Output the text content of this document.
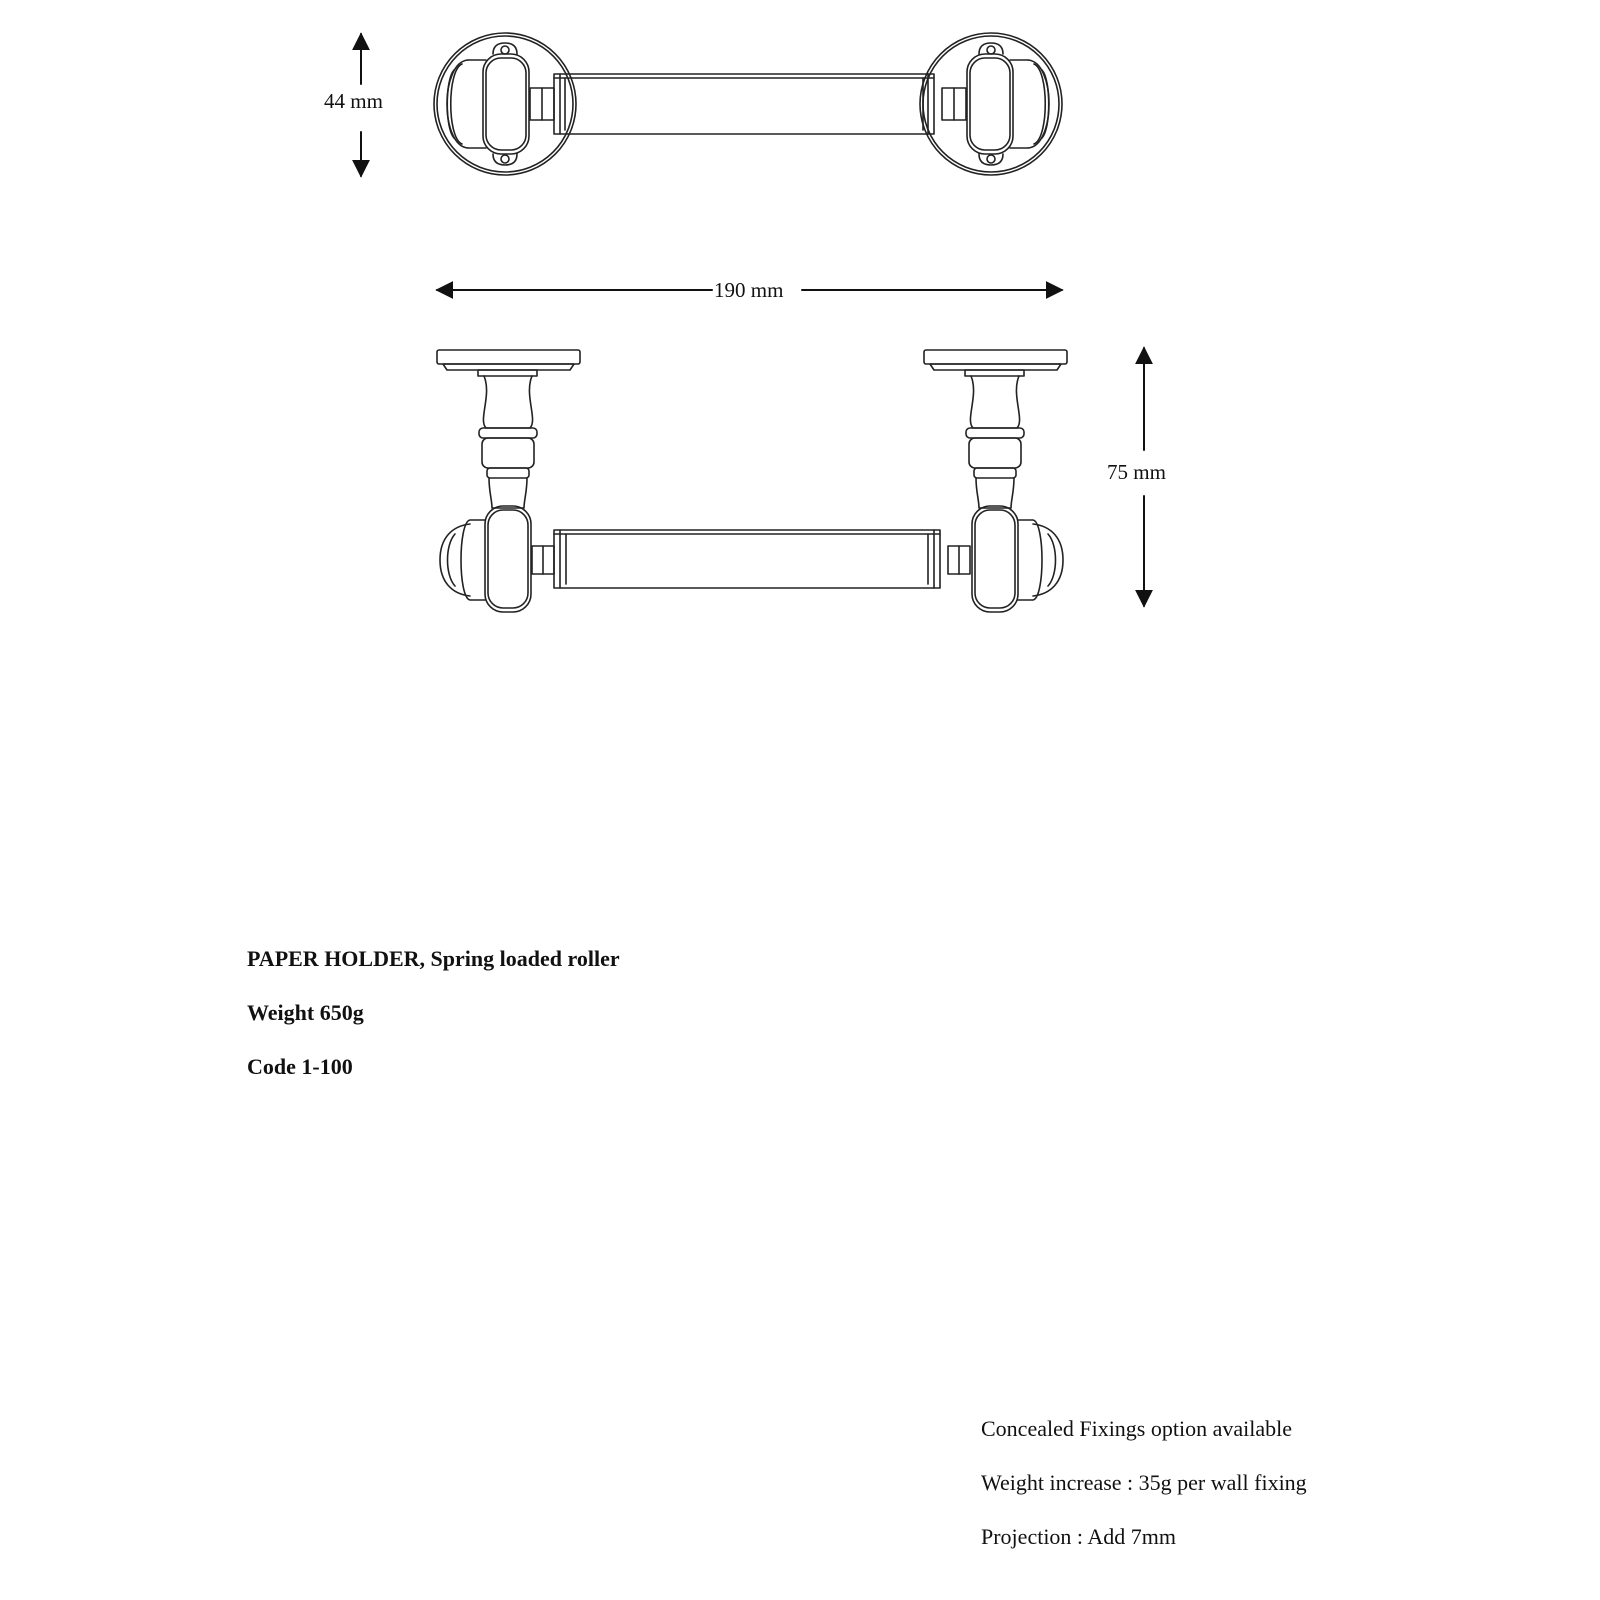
44 mm
190 mm
75 mm
PAPER HOLDER, Spring loaded roller
Weight 650g
Code 1-100
Concealed Fixings option available
Weight increase : 35g per wall fixing
Projection : Add 7mm
